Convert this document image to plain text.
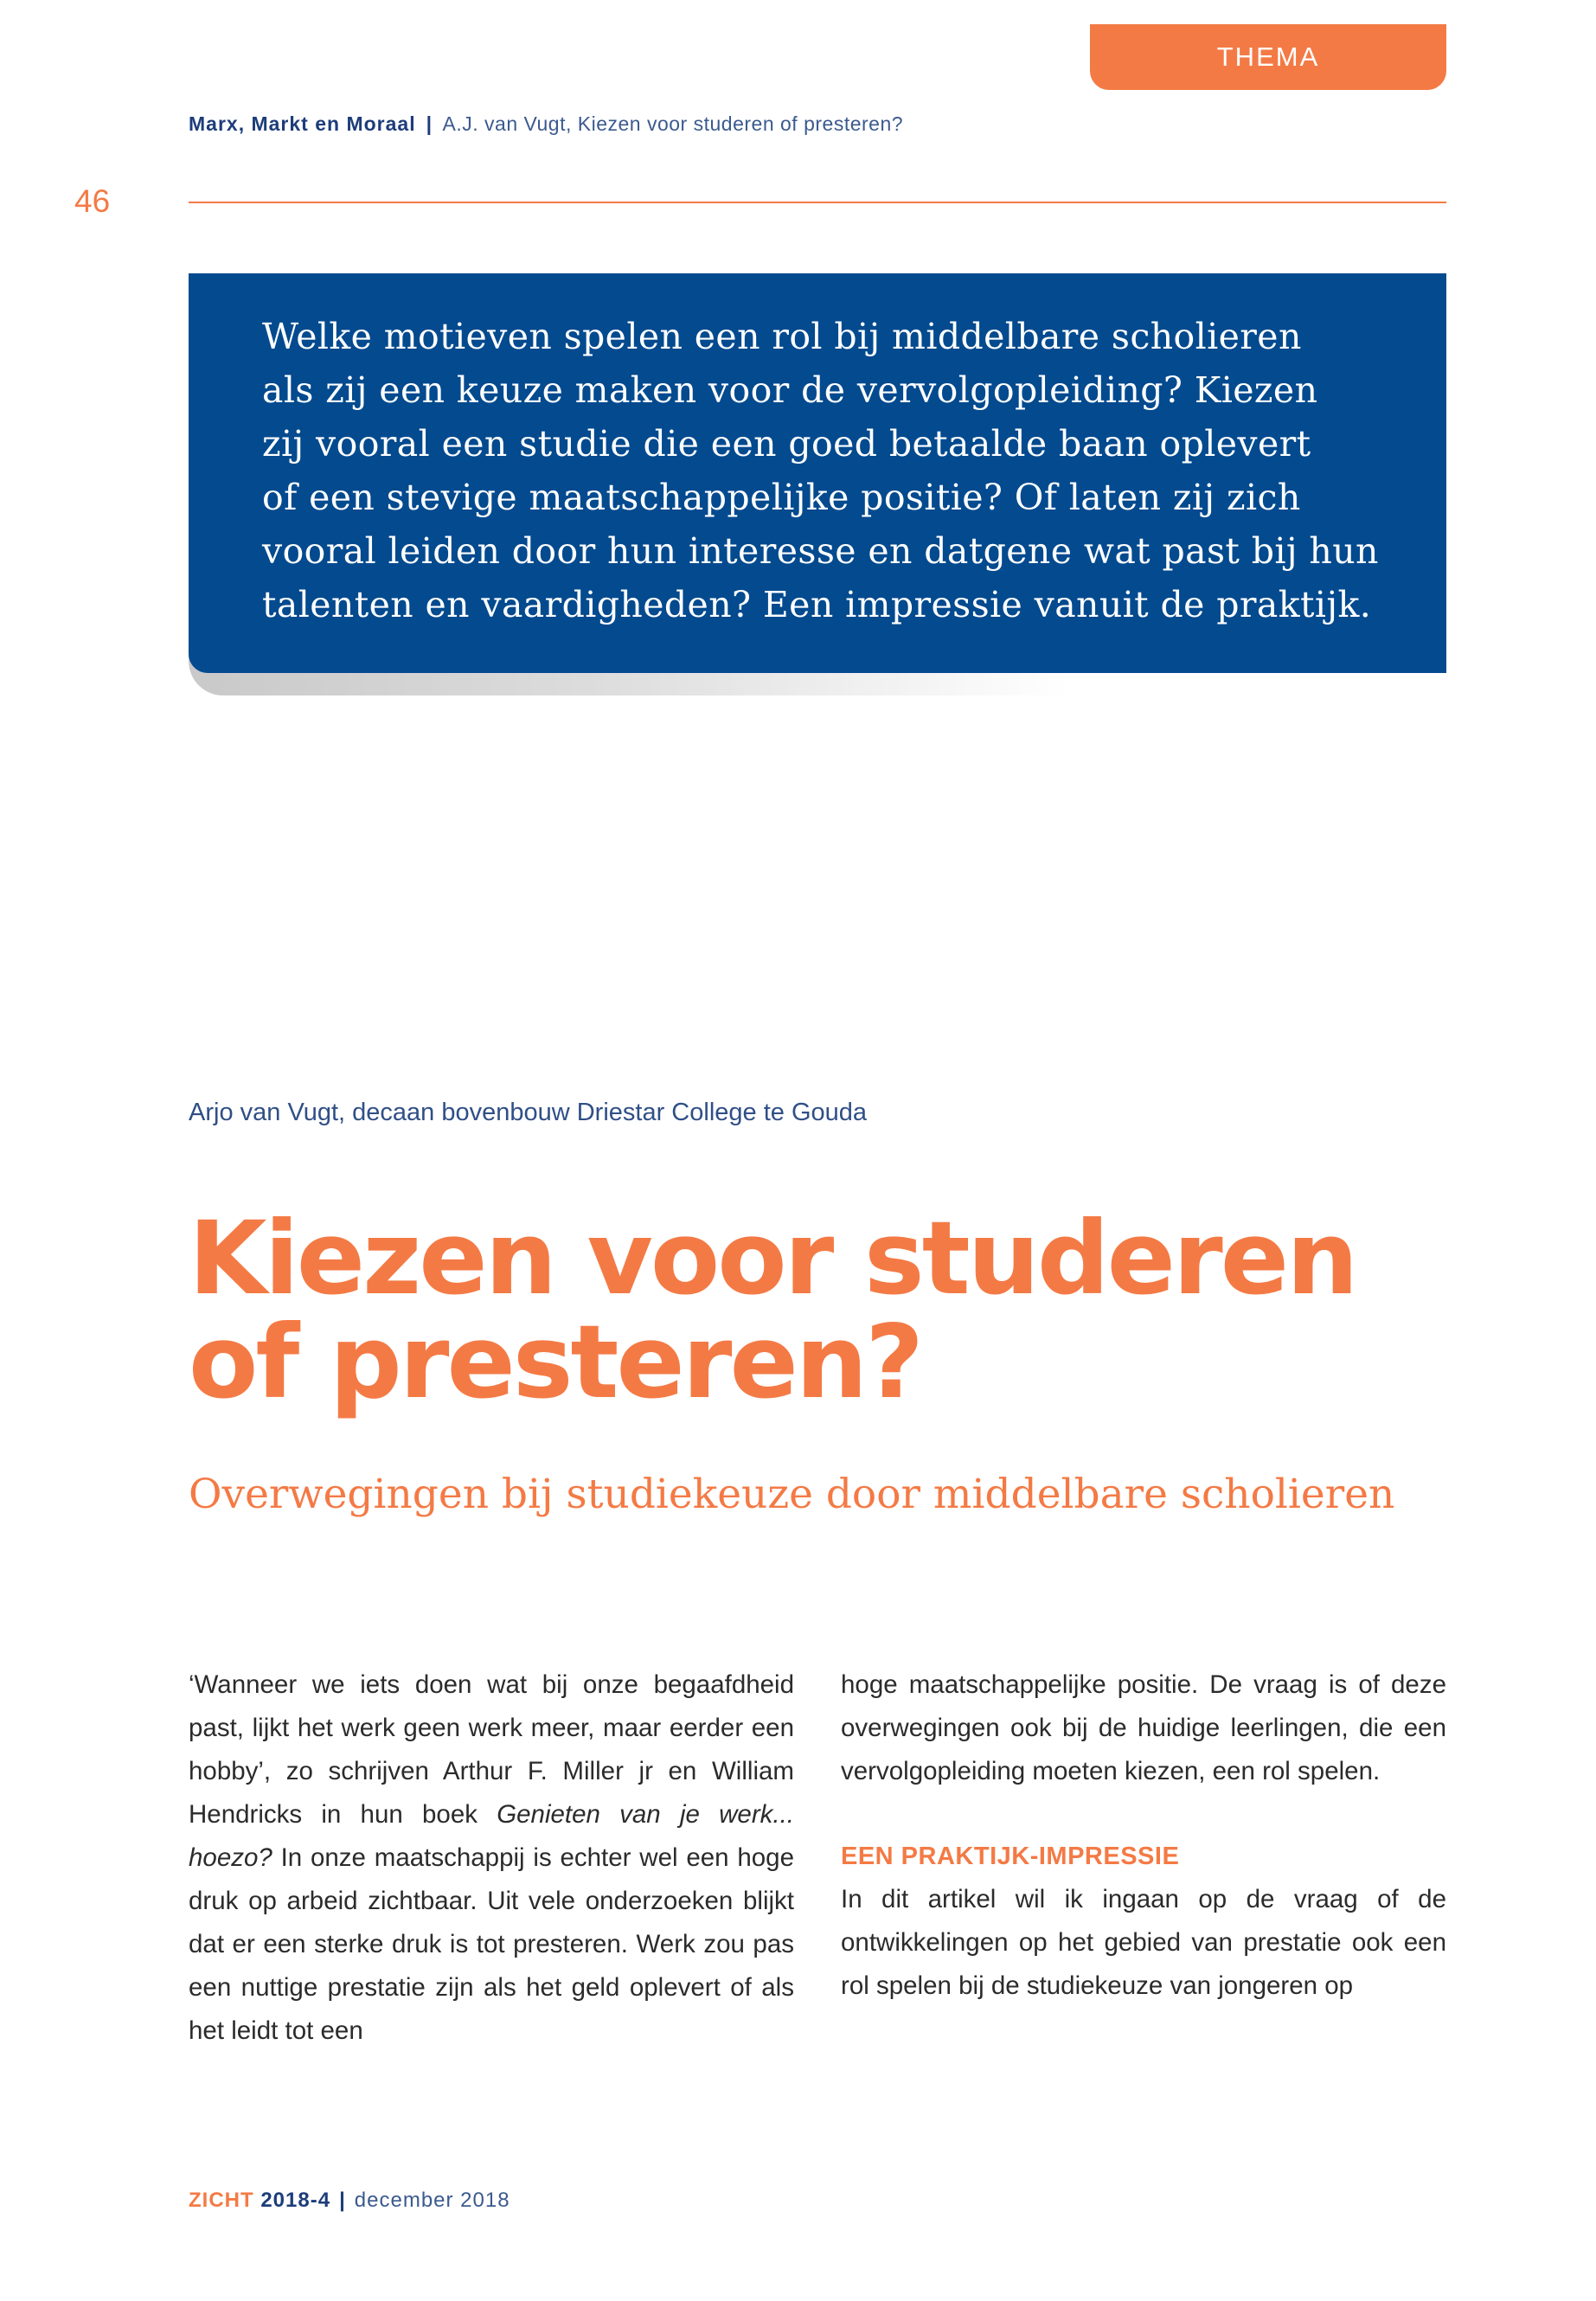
THEMA
Marx, Markt en Moraal | A.J. van Vugt, Kiezen voor studeren of presteren?
46

Welke motieven spelen een rol bij middelbare scholieren
als zij een keuze maken voor de vervolgopleiding? Kiezen
zij vooral een studie die een goed betaalde baan oplevert
of een stevige maatschappelijke positie? Of laten zij zich
vooral leiden door hun interesse en datgene wat past bij hun
talenten en vaardigheden? Een impressie vanuit de praktijk.

Arjo van Vugt, decaan bovenbouw Driestar College te Gouda
Kiezen voor studeren
of presteren?
Overwegingen bij studiekeuze door middelbare scholieren

‘Wanneer we iets doen wat bij onze begaafdheid past, lijkt het werk geen werk meer, maar eerder een hobby’, zo schrijven Arthur F. Miller jr en William Hendricks in hun boek Genieten van je werk... hoezo? In onze maatschappij is echter wel een hoge druk op arbeid zichtbaar. Uit vele onderzoeken blijkt dat er een sterke druk is tot presteren. Werk zou pas een nuttige prestatie zijn als het geld oplevert of als het leidt tot een

hoge maatschappelijke positie. De vraag is of deze overwegingen ook bij de huidige leerlingen, die een vervolgopleiding moeten kiezen, een rol spelen.

EEN PRAKTIJK-IMPRESSIE

In dit artikel wil ik ingaan op de vraag of de ontwikkelingen op het gebied van prestatie ook een rol spelen bij de studiekeuze van jongeren op

ZICHT 2018-4 | december 2018
